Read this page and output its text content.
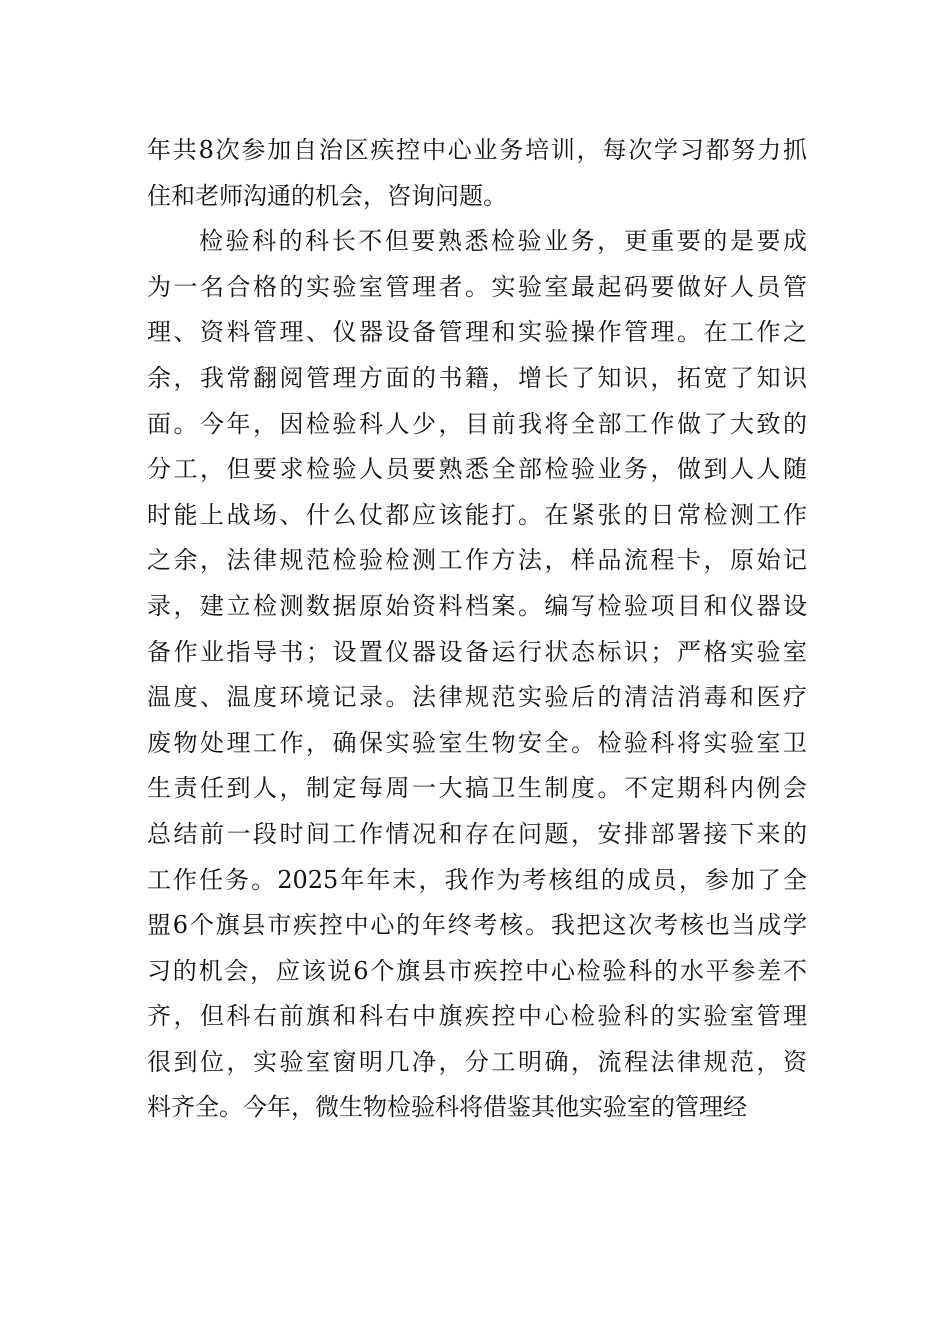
年共8次参加自治区疾控中心业务培训，每次学习都努力抓
住和老师沟通的机会，咨询问题。
检验科的科长不但要熟悉检验业务，更重要的是要成
为一名合格的实验室管理者。实验室最起码要做好人员管
理、资料管理、仪器设备管理和实验操作管理。在工作之
余，我常翻阅管理方面的书籍，增长了知识，拓宽了知识
面。今年，因检验科人少，目前我将全部工作做了大致的
分工，但要求检验人员要熟悉全部检验业务，做到人人随
时能上战场、什么仗都应该能打。在紧张的日常检测工作
之余，法律规范检验检测工作方法，样品流程卡，原始记
录，建立检测数据原始资料档案。编写检验项目和仪器设
备作业指导书；设置仪器设备运行状态标识；严格实验室
温度、温度环境记录。法律规范实验后的清洁消毒和医疗
废物处理工作，确保实验室生物安全。检验科将实验室卫
生责任到人，制定每周一大搞卫生制度。不定期科内例会
总结前一段时间工作情况和存在问题，安排部署接下来的
工作任务。2025年年末，我作为考核组的成员，参加了全
盟6个旗县市疾控中心的年终考核。我把这次考核也当成学
习的机会，应该说6个旗县市疾控中心检验科的水平参差不
齐，但科右前旗和科右中旗疾控中心检验科的实验室管理
很到位，实验室窗明几净，分工明确，流程法律规范，资
料齐全。今年，微生物检验科将借鉴其他实验室的管理经
